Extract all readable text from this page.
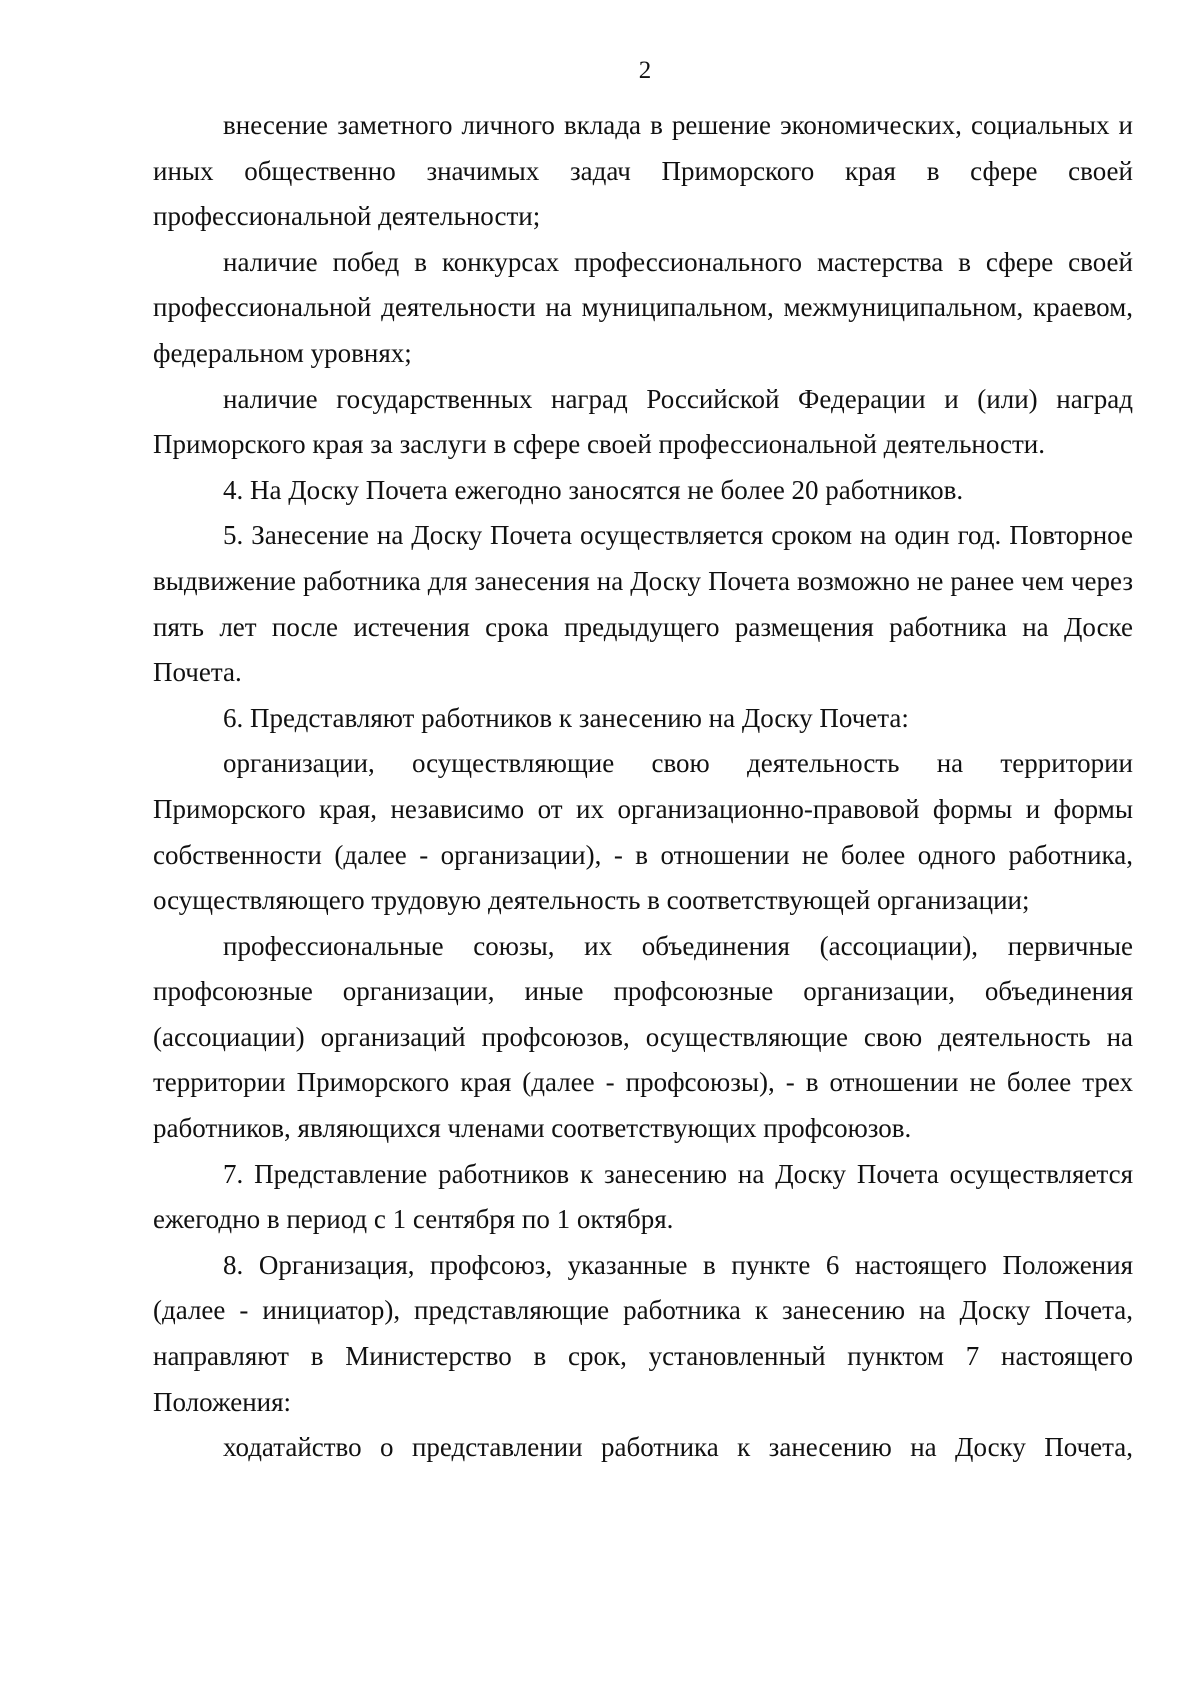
2

внесение заметного личного вклада в решение экономических, социальных и иных общественно значимых задач Приморского края в сфере своей профессиональной деятельности;

наличие побед в конкурсах профессионального мастерства в сфере своей профессиональной деятельности на муниципальном, межмуниципальном, краевом, федеральном уровнях;

наличие государственных наград Российской Федерации и (или) наград Приморского края за заслуги в сфере своей профессиональной деятельности.

4. На Доску Почета ежегодно заносятся не более 20 работников.

5. Занесение на Доску Почета осуществляется сроком на один год. Повторное выдвижение работника для занесения на Доску Почета возможно не ранее чем через пять лет после истечения срока предыдущего размещения работника на Доске Почета.

6. Представляют работников к занесению на Доску Почета:

организации, осуществляющие свою деятельность на территории Приморского края, независимо от их организационно-правовой формы и формы собственности (далее - организации), - в отношении не более одного работника, осуществляющего трудовую деятельность в соответствующей организации;

профессиональные союзы, их объединения (ассоциации), первичные профсоюзные организации, иные профсоюзные организации, объединения (ассоциации) организаций профсоюзов, осуществляющие свою деятельность на территории Приморского края (далее - профсоюзы), - в отношении не более трех работников, являющихся членами соответствующих профсоюзов.

7. Представление работников к занесению на Доску Почета осуществляется ежегодно в период с 1 сентября по 1 октября.

8. Организация, профсоюз, указанные в пункте 6 настоящего Положения (далее - инициатор), представляющие работника к занесению на Доску Почета, направляют в Министерство в срок, установленный пунктом 7 настоящего Положения:

ходатайство о представлении работника к занесению на Доску Почета,
